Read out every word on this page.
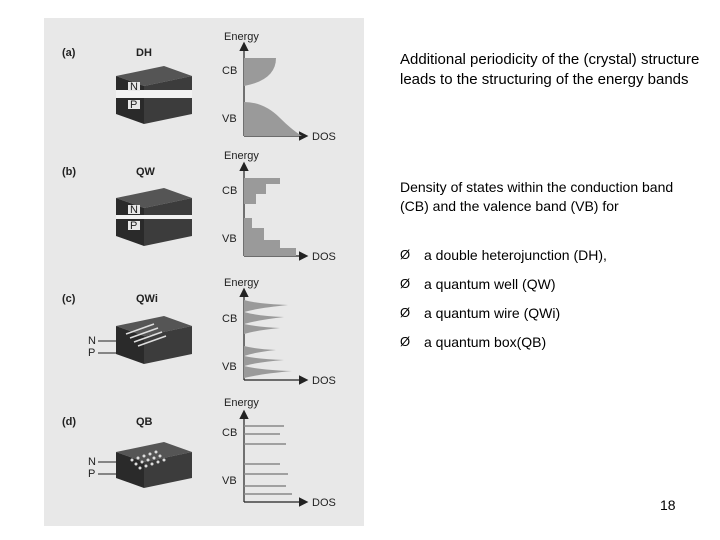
(a)	DH
N
P
Energy
CB
VB
DOS
(b)	QW
N
P
Energy
CB
VB
DOS
(c)	QWi
N
P
Energy
CB
VB
DOS
(d)	QB
N
P
Energy
CB
VB
DOS

Additional periodicity of the (crystal) structure leads to the structuring of the energy bands

Density of states within the conduction band (CB) and the valence band (VB) for

Ø a double heterojunction (DH),
Ø a quantum well (QW)
Ø a quantum wire (QWi)
Ø a quantum box(QB)
18
